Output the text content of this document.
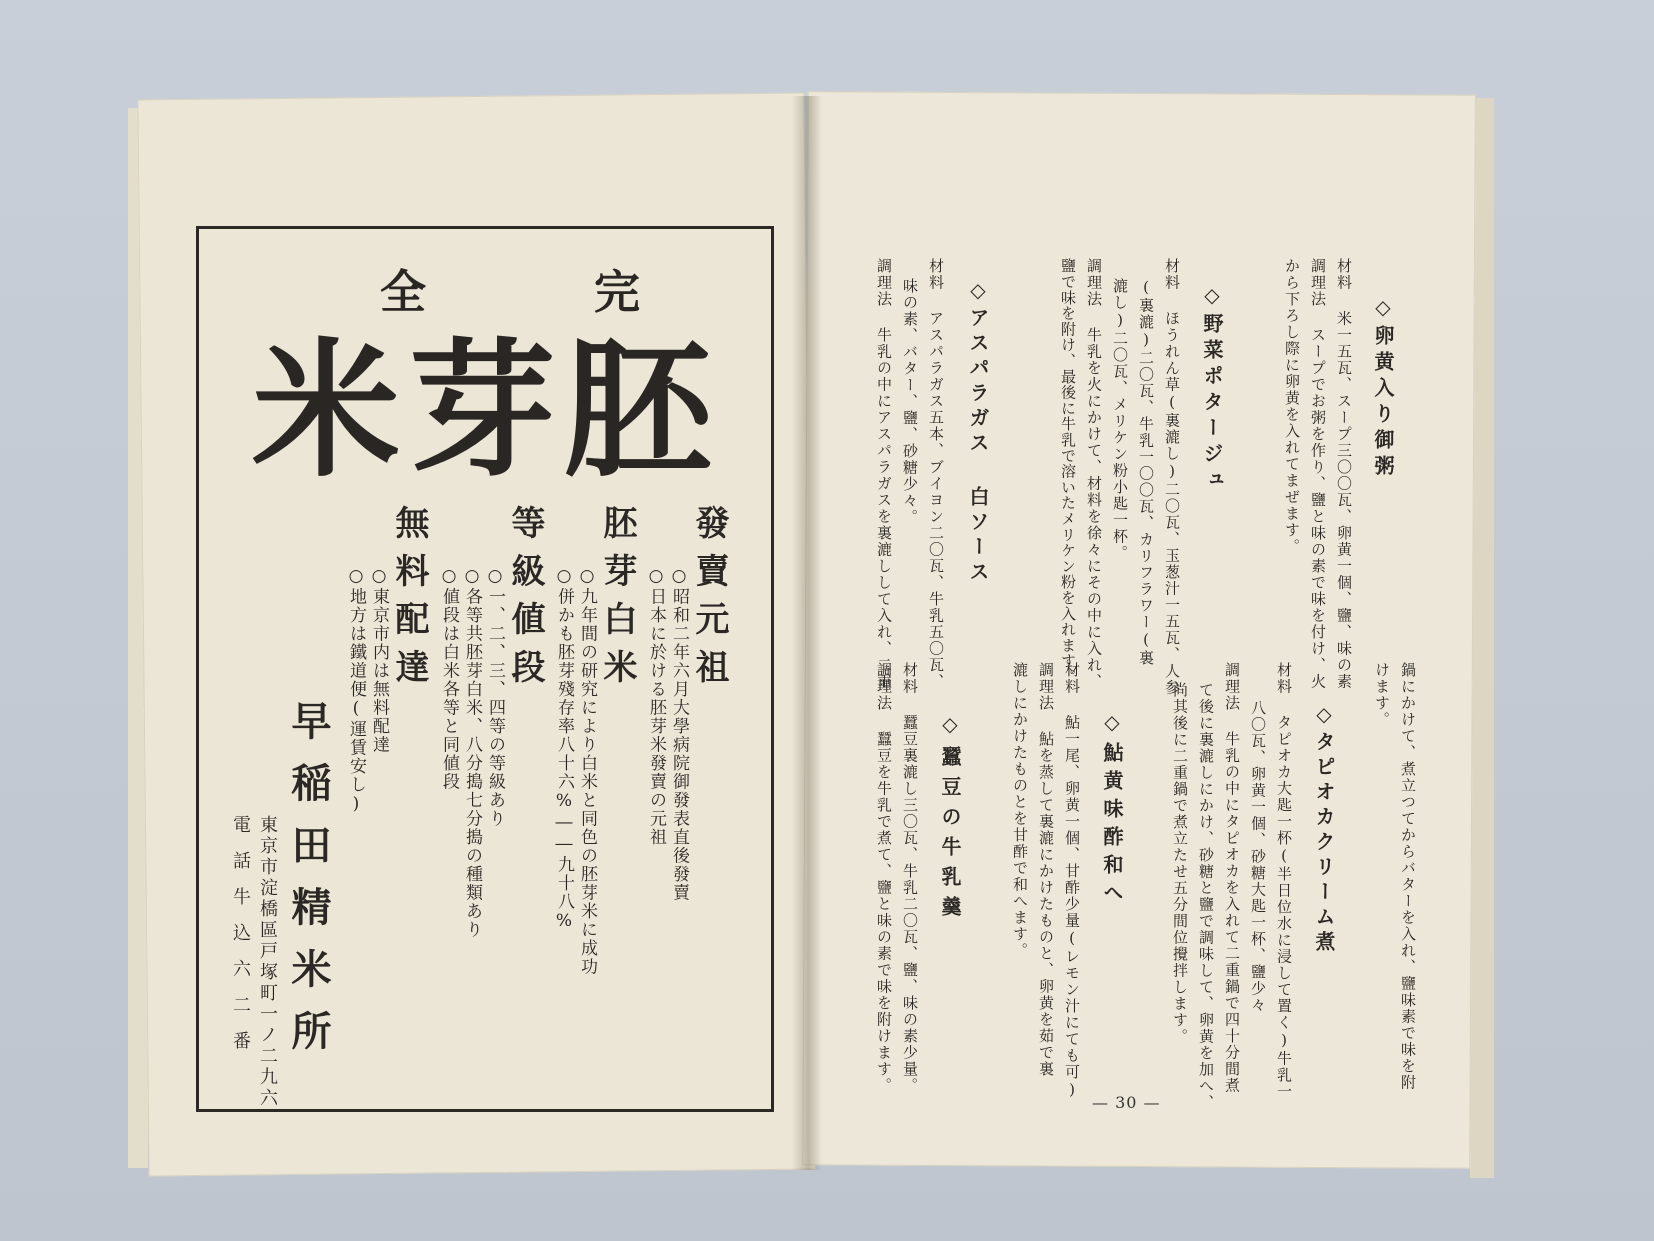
全	完
米 芽 胚
發賣元祖
○昭和二年六月大學病院御發表直後發賣
○日本に於ける胚芽米發賣の元祖
胚芽白米
○九年間の研究により白米と同色の胚芽米に成功
○併かも胚芽殘存率八十六%――九十八%
等級値段
○一、二、三、四等の等級あり
○各等共胚芽白米、八分搗七分搗の種類あり
○値段は白米各等と同値段
無料配達
○東京市内は無料配達
○地方は鐵道便(運賃安し)
早稲田精米所
東京市淀橋區戸塚町一ノ二九六
電話牛込六二番
◇卵黄入り御粥
材料 米一五瓦、スープ三〇〇瓦、卵黄一個、鹽、味の素
調理法 スープでお粥を作り、鹽と味の素で味を付け、火
から下ろし際に卵黄を入れてまぜます。
◇野菜ポタージュ
材料 ほうれん草(裏漉し)二〇瓦、玉葱汁一五瓦、人参
(裏漉)二〇瓦、牛乳一〇〇瓦、カリフラワー(裏
漉し)二〇瓦、メリケン粉小匙一杯。
調理法 牛乳を火にかけて、材料を徐々にその中に入れ、
鹽で味を附け、最後に牛乳で溶いたメリケン粉を入れます。
◇アスパラガス 白ソース
材料 アスパラガス五本、ブイヨン二〇瓦、牛乳五〇瓦、
味の素、バター、鹽、砂糖少々。
調理法 牛乳の中にアスパラガスを裏漉しして入れ、二重
鍋にかけて、煮立つてからバターを入れ、鹽味素で味を附
けます。
◇タピオカクリーム煮
材料 タピオカ大匙一杯(半日位水に浸して置く)牛乳一
八〇瓦、卵黄一個、砂糖大匙一杯、鹽少々
調理法 牛乳の中にタピオカを入れて二重鍋で四十分間煮
て後に裏漉しにかけ、砂糖と鹽で調味して、卵黄を加へ、
尚其後に二重鍋で煮立たせ五分間位攪拌します。
◇鮎黄味酢和へ
材料 鮎一尾、卵黄一個、甘酢少量(レモン汁にても可)
調理法 鮎を蒸して裏漉にかけたものと、卵黄を茹で裏
漉しにかけたものとを甘酢で和へます。
◇蠶豆の牛乳羹
材料 蠶豆裏漉し三〇瓦、牛乳二〇瓦、鹽、味の素少量。
調理法 蠶豆を牛乳で煮て、鹽と味の素で味を附けます。
— 30 —
